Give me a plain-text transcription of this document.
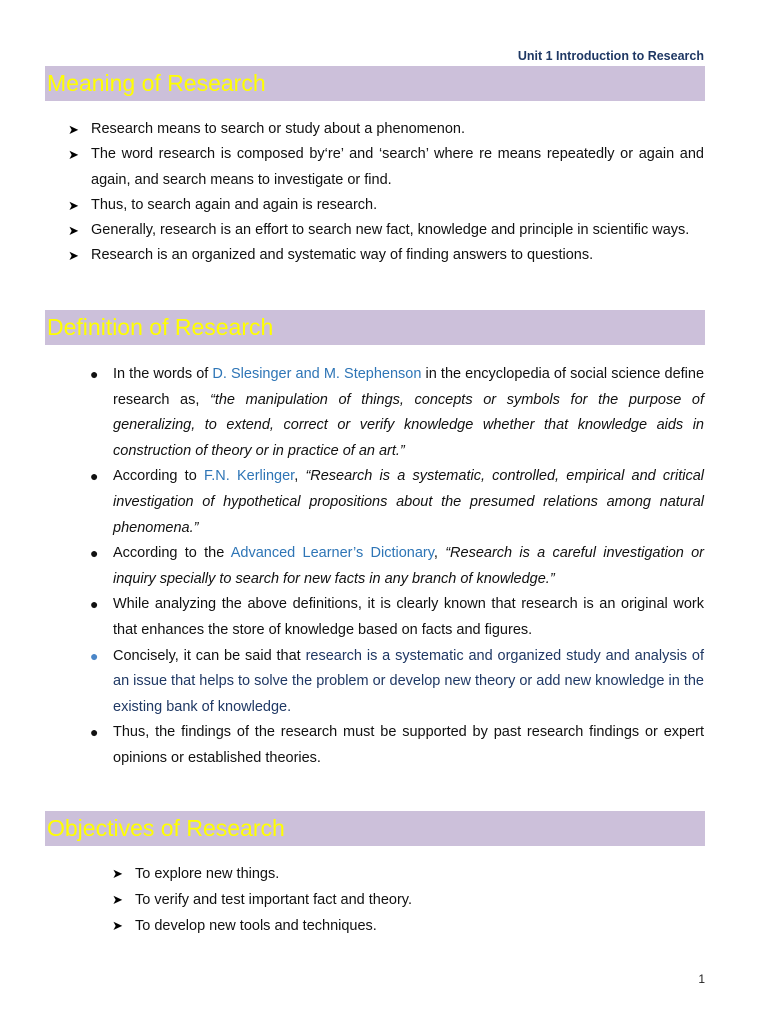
Unit 1 Introduction to Research
Meaning of Research
➤ Research means to search or study about a phenomenon.
➤ The word research is composed by‘re’ and ‘search’ where re means repeatedly or again and again, and search means to investigate or find.
➤ Thus, to search again and again is research.
➤ Generally, research is an effort to search new fact, knowledge and principle in scientific ways.
➤ Research is an organized and systematic way of finding answers to questions.
Definition of Research
● In the words of D. Slesinger and M. Stephenson in the encyclopedia of social science define research as, “the manipulation of things, concepts or symbols for the purpose of generalizing, to extend, correct or verify knowledge whether that knowledge aids in construction of theory or in practice of an art.”
● According to F.N. Kerlinger, “Research is a systematic, controlled, empirical and critical investigation of hypothetical propositions about the presumed relations among natural phenomena.”
● According to the Advanced Learner’s Dictionary, “Research is a careful investigation or inquiry specially to search for new facts in any branch of knowledge.”
● While analyzing the above definitions, it is clearly known that research is an original work that enhances the store of knowledge based on facts and figures.
● Concisely, it can be said that research is a systematic and organized study and analysis of an issue that helps to solve the problem or develop new theory or add new knowledge in the existing bank of knowledge.
● Thus, the findings of the research must be supported by past research findings or expert opinions or established theories.
Objectives of Research
➤ To explore new things.
➤ To verify and test important fact and theory.
➤ To develop new tools and techniques.
1
